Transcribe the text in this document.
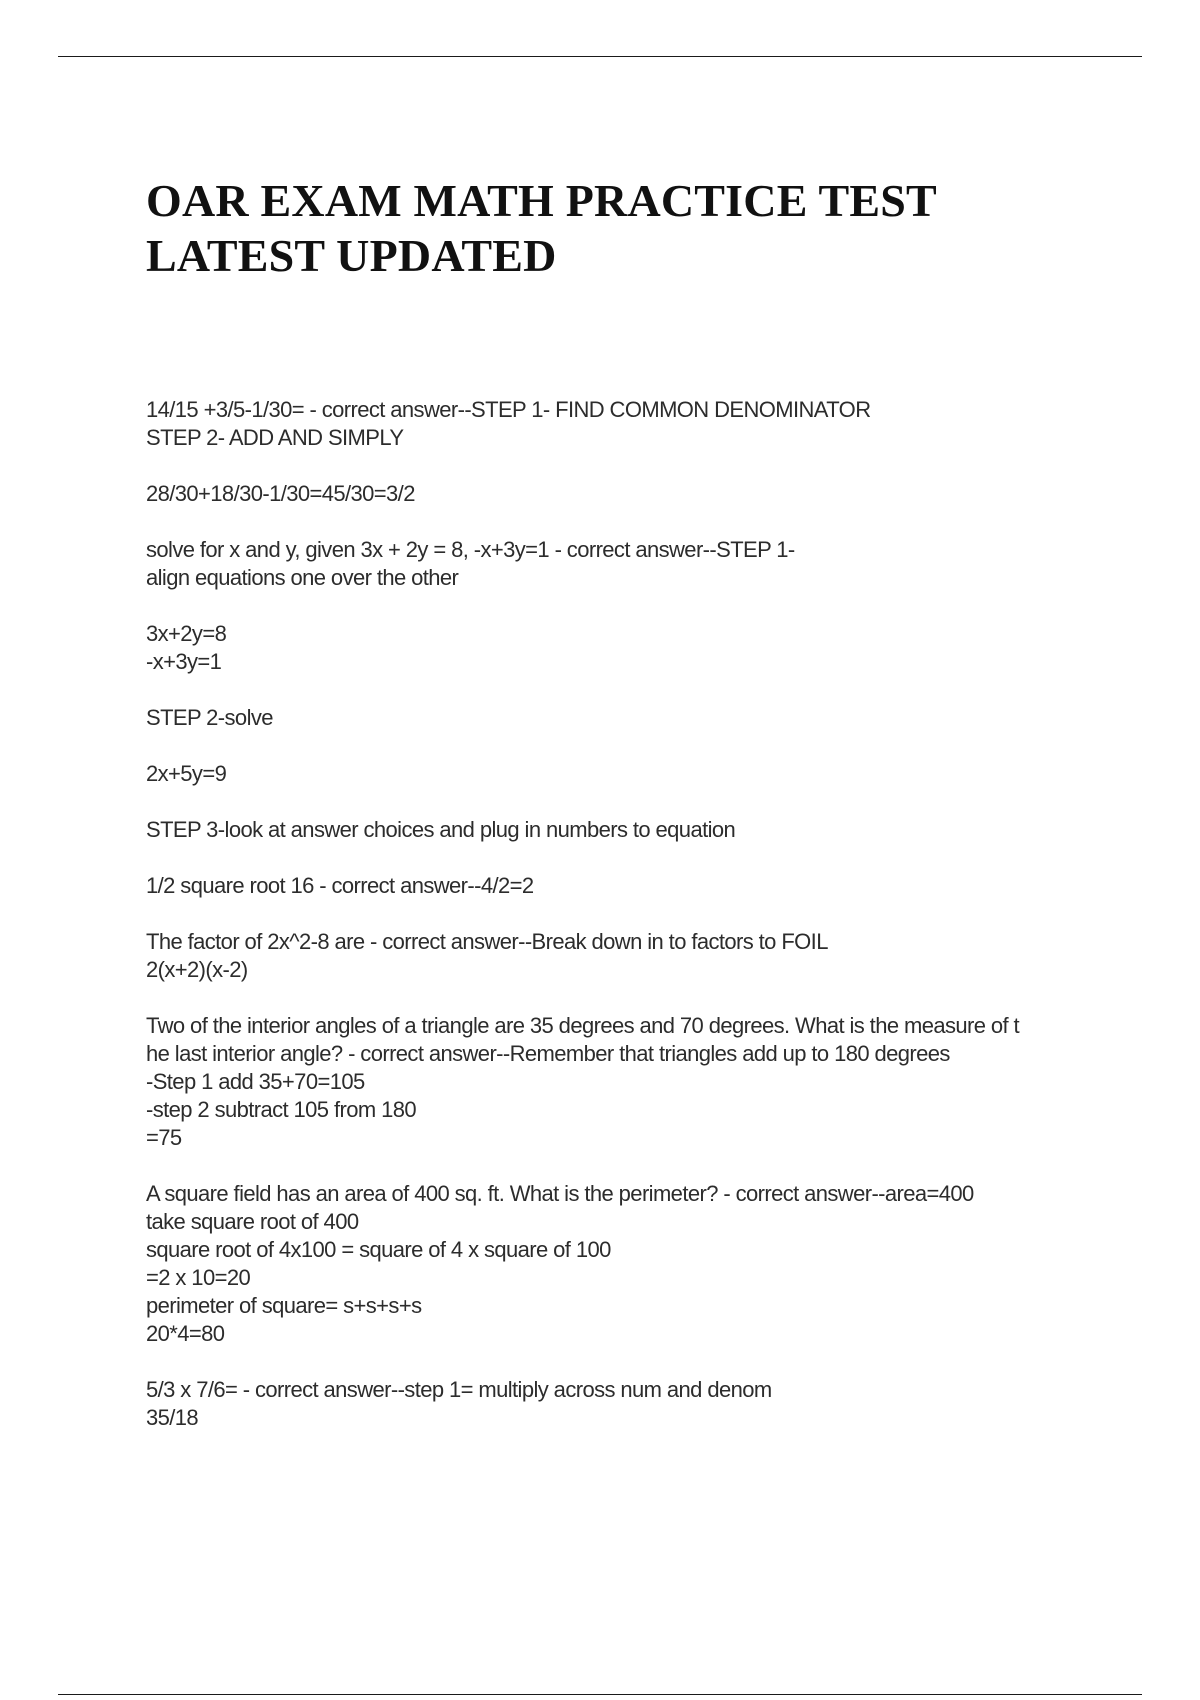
OAR EXAM MATH PRACTICE TEST
LATEST UPDATED
14/15 +3/5-1/30= - correct answer--STEP 1- FIND COMMON DENOMINATOR
STEP 2- ADD AND SIMPLY
28/30+18/30-1/30=45/30=3/2
solve for x and y, given 3x + 2y = 8, -x+3y=1 - correct answer--STEP 1-
align equations one over the other
3x+2y=8
-x+3y=1
STEP 2-solve
2x+5y=9
STEP 3-look at answer choices and plug in numbers to equation
1/2 square root 16 - correct answer--4/2=2
The factor of 2x^2-8 are - correct answer--Break down in to factors to FOIL
2(x+2)(x-2)
Two of the interior angles of a triangle are 35 degrees and 70 degrees. What is the measure of t
he last interior angle? - correct answer--Remember that triangles add up to 180 degrees
-Step 1 add 35+70=105
-step 2 subtract 105 from 180
=75
A square field has an area of 400 sq. ft. What is the perimeter? - correct answer--area=400
take square root of 400
square root of 4x100 = square of 4 x square of 100
=2 x 10=20
perimeter of square= s+s+s+s
20*4=80
5/3 x 7/6= - correct answer--step 1= multiply across num and denom
35/18
